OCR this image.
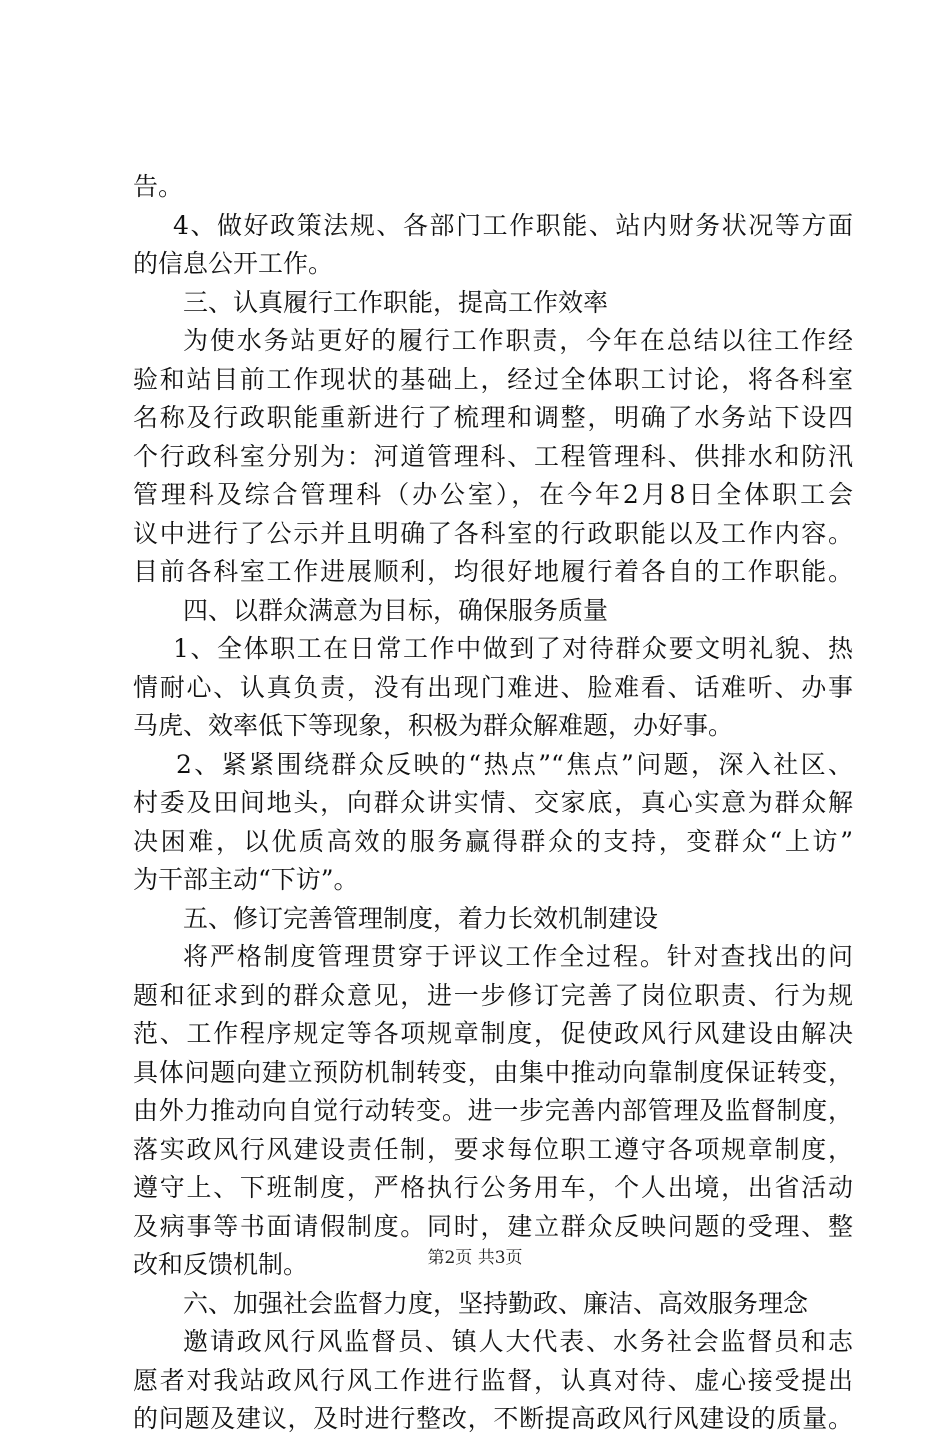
告。
4、做好政策法规、各部门工作职能、站内财务状况等方面
的信息公开工作。
三、认真履行工作职能，提高工作效率
为使水务站更好的履行工作职责，今年在总结以往工作经
验和站目前工作现状的基础上，经过全体职工讨论，将各科室
名称及行政职能重新进行了梳理和调整，明确了水务站下设四
个行政科室分别为：河道管理科、工程管理科、供排水和防汛
管理科及综合管理科（办公室），在今年2月8日全体职工会
议中进行了公示并且明确了各科室的行政职能以及工作内容。
目前各科室工作进展顺利，均很好地履行着各自的工作职能。
四、以群众满意为目标，确保服务质量
1、全体职工在日常工作中做到了对待群众要文明礼貌、热
情耐心、认真负责，没有出现门难进、脸难看、话难听、办事
马虎、效率低下等现象，积极为群众解难题，办好事。
2、紧紧围绕群众反映的“热点”“焦点”问题，深入社区、
村委及田间地头，向群众讲实情、交家底，真心实意为群众解
决困难，以优质高效的服务赢得群众的支持，变群众“上访”
为干部主动“下访”。
五、修订完善管理制度，着力长效机制建设
将严格制度管理贯穿于评议工作全过程。针对查找出的问
题和征求到的群众意见，进一步修订完善了岗位职责、行为规
范、工作程序规定等各项规章制度，促使政风行风建设由解决
具体问题向建立预防机制转变，由集中推动向靠制度保证转变，
由外力推动向自觉行动转变。进一步完善内部管理及监督制度，
落实政风行风建设责任制，要求每位职工遵守各项规章制度，
遵守上、下班制度，严格执行公务用车，个人出境，出省活动
及病事等书面请假制度。同时，建立群众反映问题的受理、整
改和反馈机制。
六、加强社会监督力度，坚持勤政、廉洁、高效服务理念
邀请政风行风监督员、镇人大代表、水务社会监督员和志
愿者对我站政风行风工作进行监督，认真对待、虚心接受提出
的问题及建议，及时进行整改，不断提高政风行风建设的质量。
第2页 共3页
